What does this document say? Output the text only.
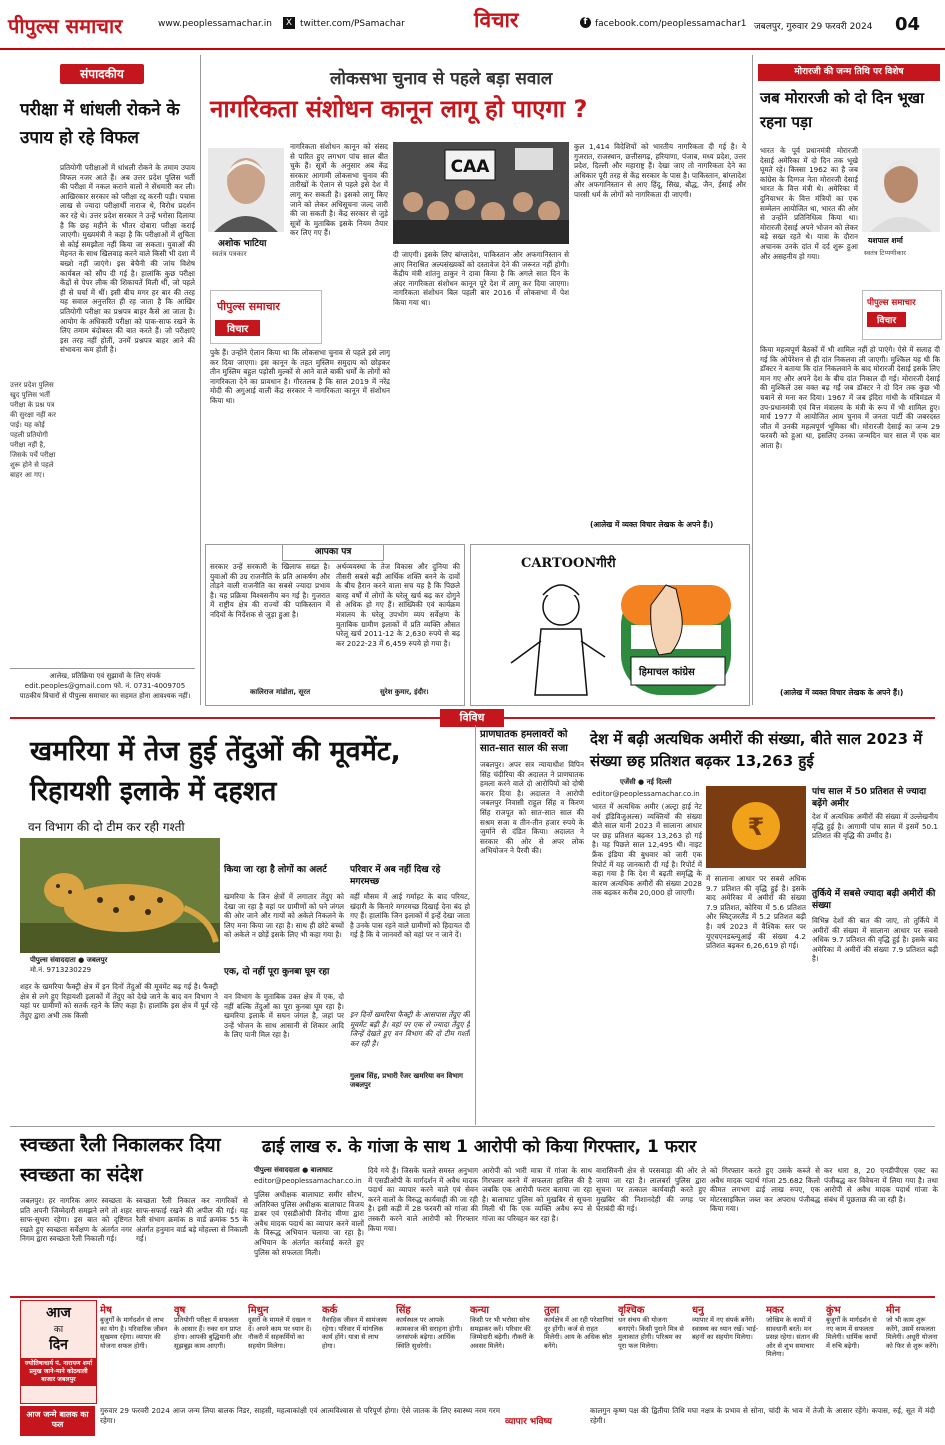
पीपुल्स समाचार	www.peoplessamachar.in	X twitter.com/PSamachar	विचार	f facebook.com/peoplessamachar1 जबलपुर, गुरुवार 29 फरवरी 2024 04
संपादकीय
परीक्षा में धांधली रोकने के उपाय हो रहे विफल
प्रतियोगी परीक्षाओं में धांधली रोकने के तमाम उपाय विफल नजर आते हैं। अब उत्तर प्रदेश पुलिस भर्ती की परीक्षा में नकल कराने वालों ने सेंधमारी कर ली। आखिरकार सरकार को परीक्षा रद्द करनी पड़ी। पचास लाख से ज्यादा परीक्षार्थी नाराज थे, विरोध प्रदर्शन कर रहे थे। उत्तर प्रदेश सरकार ने उन्हें भरोसा दिलाया है कि छह महीने के भीतर दोबारा परीक्षा कराई जाएगी। मुख्यमंत्री ने कहा है कि परीक्षाओं में शुचिता से कोई समझौता नहीं किया जा सकता। युवाओं की मेहनत के साथ खिलवाड़ करने वाले किसी भी दशा में बख्शे नहीं जाएंगे। इस बेचैनी की जांच विशेष कार्यबल को सौंप दी गई है। हालांकि कुछ परीक्षा केंद्रों से पेपर लीक की शिकायतें मिली थीं, जो पहले ही से चर्चा में थीं। इसी बीच मगर हर बार की तरह यह सवाल अनुत्तरित ही रह जाता है कि आखिर प्रतियोगी परीक्षा का प्रश्नपत्र बाहर कैसे आ जाता है। आयोग के अधिकारी परीक्षा को पाक-साफ रखने के लिए तमाम बंदोबस्त की बात करते हैं। जो परीक्षाएं इस तरह नहीं होतीं, उनमें प्रश्नपत्र बाहर आने की संभावना कम होती है।
उत्तर प्रदेश पुलिस खुद पुलिस भर्ती परीक्षा के प्रश्न पत्र की सुरक्षा नहीं कर पाई। यह कोई पहली प्रतियोगी परीक्षा नहीं है, जिसके पर्चे परीक्षा शुरू होने से पहले बाहर आ गए।
आलेख, प्रतिक्रिया एवं सुझावों के लिए संपर्क
edit.peoples@gmail.com फो. नं. 0731-4009705
पाठकीय विचारों से पीपुल्स समाचार का सहमत होना आवश्यक नहीं।
लोकसभा चुनाव से पहले बड़ा सवाल
नागरिकता संशोधन कानून लागू हो पाएगा ?
अशोक भाटिया
स्वतंत्र पत्रकार
नागरिकता संशोधन कानून को संसद से पारित हुए लगभग पांच साल बीत चुके हैं। सूत्रों के अनुसार अब केंद्र सरकार आगामी लोकसभा चुनाव की तारीखों के ऐलान से पहले इसे देश में लागू कर सकती है। इसको लागू किए जाने को लेकर अधिसूचना जल्द जारी की जा सकती है। केंद्र सरकार से जुड़े सूत्रों के मुताबिक इसके नियम तैयार कर लिए गए हैं।
पीपुल्स समाचार
विचार
पुके हैं। उन्होंने ऐलान किया था कि लोकसभा चुनाव से पहले इसे लागू कर दिया जाएगा। इस कानून के तहत मुस्लिम समुदाय को छोड़कर तीन मुस्लिम बहुल पड़ोसी मुल्कों से आने वाले बाकी धर्मों के लोगों को नागरिकता देने का प्रावधान है। गौरतलब है कि साल 2019 में नरेंद्र मोदी की अगुआई वाली केंद्र सरकार ने नागरिकता कानून में संशोधन किया था।
CAA
दी जाएगी। इसके लिए बांग्लादेश, पाकिस्तान और अफगानिस्तान से आए निराश्रित अल्पसंख्यकों को दस्तावेज देने की जरूरत नहीं होगी। केंद्रीय मंत्री शांतनु ठाकुर ने दावा किया है कि अगले सात दिन के अंदर नागरिकता संशोधन कानून पूरे देश में लागू कर दिया जाएगा। नागरिकता संशोधन बिल पहली बार 2016 में लोकसभा में पेश किया गया था।
कुल 1,414 विदेशियों को भारतीय नागरिकता दी गई है। ये गुजरात, राजस्थान, छत्तीसगढ़, हरियाणा, पंजाब, मध्य प्रदेश, उत्तर प्रदेश, दिल्ली और महाराष्ट्र हैं। देखा जाए तो नागरिकता देने का अधिकार पूरी तरह से केंद्र सरकार के पास है। पाकिस्तान, बांग्लादेश और अफगानिस्तान से आए हिंदू, सिख, बौद्ध, जैन, ईसाई और पारसी धर्म के लोगों को नागरिकता दी जाएगी।
(आलेख में व्यक्त विचार लेखक के अपने हैं।)
मोरारजी की जन्म तिथि पर विशेष
जब मोरारजी को दो दिन भूखा रहना पड़ा
यशपाल शर्मा
स्वतंत्र टिप्पणीकार
भारत के पूर्व प्रधानमंत्री मोरारजी देसाई अमेरिका में दो दिन तक भूखे घूमते रहे। किस्सा 1962 का है जब कांग्रेस के दिग्गज नेता मोरारजी देसाई भारत के वित्त मंत्री थे। अमेरिका में दुनियाभर के वित्त मंत्रियों का एक सम्मेलन आयोजित था, भारत की ओर से उन्होंने प्रतिनिधित्व किया था। मोरारजी देसाई अपने भोजन को लेकर बड़े सख्त रहते थे। यात्रा के दौरान अचानक उनके दांत में दर्द शुरू हुआ और असहनीय हो गया।
पीपुल्स समाचार
विचार
किया महत्वपूर्ण बैठकों में भी शामिल नहीं हो पाएंगे। ऐसे में सलाह दी गई कि ओपेरेशन से ही दांत निकलवा ली जाएगी। मुश्किल यह थी कि डॉक्टर ने बताया कि दांत निकलवाने के बाद मोरारजी देसाई इसके लिए मान गए और अपने देश के बीच दांत निकाल दी गई। मोरारजी देसाई की मुश्किलें उस वक्त बढ़ गईं जब डॉक्टर ने दो दिन तक कुछ भी चबाने से मना कर दिया। 1967 में जब इंदिरा गांधी के मंत्रिमंडल में उप-प्रधानमंत्री एवं वित्त मंत्रालय के मंत्री के रूप में भी शामिल हुए। मार्च 1977 में आयोजित आम चुनाव में जनता पार्टी की जबरदस्त जीत में उनकी महत्वपूर्ण भूमिका थी। मोरारजी देसाई का जन्म 29 फरवरी को हुआ था, इसलिए उनका जन्मदिन चार साल में एक बार आता है।
(आलेख में व्यक्त विचार लेखक के अपने हैं।)
आपका पत्र
सरकार उन्हें सरकारी के खिलाफ सख्त है। युवाओं की उग्र राजनीति के प्रति आकर्षण और तोड़ने वाली राजनीति का सबसे ज्यादा प्रभाव है। यह प्रक्रिया विश्वसनीय बन गई है। गुजरात में राष्ट्रीय क्षेत्र की राज्यों की पाकिस्तान में नदियों के निर्देशक से जुड़ा हुआ है।
कालिराज मांडोता, सूरत
अर्थव्यवस्था के तेज विकास और दुनिया की तीसरी सबसे बड़ी आर्थिक शक्ति बनने के दावों के बीच हैरान करने वाला सच यह है कि पिछले बारह वर्षों में लोगों के घरेलू खर्च बढ़ कर दोगुने से अधिक हो गए हैं। सांख्यिकी एवं कार्यक्रम मंत्रालय के घरेलू उपभोग व्यय सर्वेक्षण के मुताबिक ग्रामीण इलाकों में प्रति व्यक्ति औसत घरेलू खर्च 2011-12 के 2,630 रुपये से बढ़ कर 2022-23 में 6,459 रुपये हो गया है।
सुरेश कुमार, इंदौर।
CARTOONगीरी
हिमाचल कांग्रेस
विविध
खमरिया में तेज हुई तेंदुओं की मूवमेंट, रिहायशी इलाके में दहशत
वन विभाग की दो टीम कर रही गश्ती
पीपुल्स संवाददाता ● जबलपुर
मो.नं. 9713230229
शहर के खमरिया फैक्ट्री क्षेत्र में इन दिनों तेंदुओं की मूवमेंट बढ़ गई है। फैक्ट्री क्षेत्र से लगे हुए रिहायशी इलाकों में तेंदुए को देखे जाने के बाद वन विभाग ने यहां पर ग्रामीणों को सतर्क रहने के लिए कहा है। हालांकि इस क्षेत्र में पूर्व रहे तेंदुए द्वारा अभी तक किसी
किया जा रहा है लोगों का अलर्ट
खमरिया के जिन क्षेत्रों में लगातार तेंदुए को देखा जा रहा है वहां पर ग्रामीणों को घने जंगल की ओर जाने और गायों को अकेले निकलने के लिए मना किया जा रहा है। साथ ही छोटे बच्चों को अकेले न छोड़ें इसके लिए भी कहा गया है।
एक, दो नहीं पूरा कुनबा घूम रहा
वन विभाग के मुताबिक उक्त क्षेत्र में एक, दो नहीं बल्कि तेंदुओं का पूरा कुनबा घूम रहा है। खमरिया इलाके में सघन जंगल है, जहां पर उन्हें भोजन के साथ आसानी से शिकार आदि के लिए पानी मिल रहा है।
परिवार में अब नहीं दिख रहे मगरमच्छ
वहीं मौसम में आई गर्माहट के बाद परियट, खंदारी के किनारे मगरमच्छ दिखाई देना बंद हो गए हैं। हालांकि जिन इलाकों में इन्हें देखा जाता है उनके पास रहने वाले ग्रामीणों को हिदायत दी गई है कि वे जानवरों को वहां पर न जाने दें।
इन दिनों खमरिया फैक्ट्री के आसपास तेंदुए की मूवमेंट बढ़ी है। वहां पर एक से ज्यादा तेंदुए है जिन्हें देखते हुए वन विभाग की दो टीम गश्ती कर रही है।
गुलाब सिंह, प्रभारी रेंजर खमरिया वन विभाग जबलपुर
प्राणघातक हमलावरों को सात-सात साल की सजा
जबलपुर। अपर सत्र न्यायाधीश विपिन सिंह चंदीरिया की अदालत ने प्राणघातक हमला करने वाले दो आरोपियों को दोषी करार दिया है। अदालत ने आरोपी जबलपुर निवासी राहुल सिंह व किरण सिंह राजपूत को सात-सात साल की सश्रम सजा व तीन-तीन हजार रुपये के जुर्माने से दंडित किया। अदालत ने सरकार की ओर से अपर लोक अभियोजन ने पैरवी की।
देश में बढ़ी अत्यधिक अमीरों की संख्या, बीते साल 2023 में संख्या छह प्रतिशत बढ़कर 13,263 हुई
एजेंसी ● नई दिल्ली
editor@peoplessamachar.co.in
भारत में अत्यधिक अमीर (अल्ट्रा हाई नेट वर्थ इंडिविजुअल्स) व्यक्तियों की संख्या बीते साल यानी 2023 में सालाना आधार पर छह प्रतिशत बढ़कर 13,263 हो गई है। यह पिछले साल 12,495 थी। नाइट फ्रैंक इंडिया की बुधवार को जारी एक रिपोर्ट में यह जानकारी दी गई है। रिपोर्ट में कहा गया है कि देश में बढ़ती समृद्धि के कारण अत्यधिक अमीरों की संख्या 2028 तक बढ़कर करीब 20,000 हो जाएगी।
₹
में सालाना आधार पर सबसे अधिक 9.7 प्रतिशत की वृद्धि हुई है। इसके बाद अमेरिका में अमीरों की संख्या 7.9 प्रतिशत, कोरिया में 5.6 प्रतिशत और स्विट्जरलैंड में 5.2 प्रतिशत बढ़ी है। वर्ष 2023 में वैश्विक स्तर पर यूएचएनडब्ल्यूआई की संख्या 4.2 प्रतिशत बढ़कर 6,26,619 हो गई।
पांच साल में 50 प्रतिशत से ज्यादा बढ़ेंगे अमीर
देश में अत्यधिक अमीरों की संख्या में उल्लेखनीय वृद्धि हुई है। आगामी पांच साल में इसमें 50.1 प्रतिशत की वृद्धि की उम्मीद है।
तुर्किये में सबसे ज्यादा बढ़ी अमीरों की संख्या
विभिन्न देशों की बात की जाए, तो तुर्किये में अमीरों की संख्या में सालाना आधार पर सबसे अधिक 9.7 प्रतिशत की वृद्धि हुई है। इसके बाद अमेरिका में अमीरों की संख्या 7.9 प्रतिशत बढ़ी है।
स्वच्छता रैली निकालकर दिया स्वच्छता का संदेश
जबलपुर। हर नागरिक अगर स्वच्छता के प्रति अपनी जिम्मेदारी समझने लगे तो शहर साफ-सुथरा रहेगा। इस बात को दृष्टिगत रखते हुए स्वच्छता सर्वेक्षण के अंतर्गत नगर निगम द्वारा स्वच्छता रैली निकाली गई।
स्वच्छता रैली निकाल कर नागरिकों से साफ-सफाई रखने की अपील की गई। यह रैली संभाग क्रमांक 8 वार्ड क्रमांक 55 के अंतर्गत हनुमान वार्ड बड़े मोहल्ला से निकाली गई।
ढाई लाख रु. के गांजा के साथ 1 आरोपी को किया गिरफ्तार, 1 फरार
पीपुल्स संवाददाता ● बालाघाट
editor@peoplessamachar.co.in
पुलिस अधीक्षक बालाघाट समीर सौरभ, अतिरिक्त पुलिस अधीक्षक बालाघाट विजय डाबर एवं एसडीओपी विनोद मीणा द्वारा अवैध मादक पदार्थ का व्यापार करने वालों के विरूद्ध अभियान चलाया जा रहा है। अभियान के अंतर्गत कार्रवाई करते हुए पुलिस को सफलता मिली।
दिये गये हैं। जिसके चलते समस्त अनुभाग में एसडीओपी के मार्गदर्शन में अवैध मादक पदार्थ का व्यापार करने वाले एवं सेवन करने वालों के विरुद्ध कार्यवाही की जा रही है। इसी कड़ी में 28 फरवरी को गांजा की तस्करी करने वाले आरोपी को गिरफ्तार किया गया।
आरोपी को भारी मात्रा में गांजा के साथ गिरफ्तार करने में सफलता हासिल की है जबकि एक आरोपी फरार बताया जा रहा है। बालाघाट पुलिस को मुखबिर से सूचना मिली थी कि एक व्यक्ति अवैध रूप से गांजा का परिवहन कर रहा है।
वारासिवनी क्षेत्र से परसवाड़ा की ओर ले जाया जा रहा है। लालबर्रा पुलिस द्वारा सूचना पर तत्काल कार्यवाही करते हुए मुखबिर की निशानदेही की जगह पर घेराबंदी की गई।
को गिरफ्तार करते हुए उसके कब्जे से अवैध मादक पदार्थ गांजा 25.682 किलो कीमत लगभग ढाई लाख रुपए, एक मोटरसाइकिल जब्त कर अपराध पंजीबद्ध किया गया।
कर धारा 8, 20 एनडीपीएस एक्ट का पंजीबद्ध कर विवेचना में लिया गया है। तथा आरोपी से अवैध मादक पदार्थ गांजा के संबंध में पूछताछ की जा रही है।
आज
का
दिन
ज्योतिषाचार्य पं. नारायण शर्मा प्रमुख जाने-माने कोठवाली बाजार जबलपुर
मेष
बुजुर्गों के मार्गदर्शन से लाभ का योग है। परिवारिक जीवन सुखमय रहेगा। व्यापार की योजना सफल होगी।
वृष
प्रतियोगी परीक्षा में सफलता के आसार हैं। रुका धन प्राप्त होगा। आपकी बुद्धिमानी और सूझबूझ काम आएगी।
मिथुन
दूसरों के मामले में दखल न दें। अपने काम पर ध्यान दें। नौकरी में सहकर्मियों का सहयोग मिलेगा।
कर्क
वैवाहिक जीवन में सामंजस्य रहेगा। परिवार में मांगलिक कार्य होंगे। यात्रा से लाभ होगा।
सिंह
कार्यस्थल पर आपके कामकाज की सराहना होगी। जनसंपर्क बढ़ेगा। आर्थिक स्थिति सुधरेगी।
कन्या
किसी पर भी भरोसा सोच समझकर करें। परिवार की जिम्मेदारी बढ़ेगी। नौकरी के अवसर मिलेंगे।
तुला
कार्यक्षेत्र में आ रही परेशानियां दूर होंगी। कर्ज से राहत मिलेगी। आय के अधिक स्रोत बनेंगे।
वृश्चिक
धन संचय की योजना बनाएंगे। किसी पुराने मित्र से मुलाकात होगी। परिश्रम का पूरा फल मिलेगा।
धनु
व्यापार में नए संपर्क बनेंगे। स्वास्थ्य का ध्यान रखें। भाई-बहनों का सहयोग मिलेगा।
मकर
जोखिम के कामों में सावधानी बरतें। मन प्रसन्न रहेगा। संतान की ओर से शुभ समाचार मिलेगा।
कुंभ
बुजुर्गों के मार्गदर्शन से नए काम में सफलता मिलेगी। धार्मिक कार्यों में रुचि बढ़ेगी।
मीन
जो भी काम शुरू करेंगे, उसमें सफलता मिलेगी। अधूरी योजना को फिर से शुरू करेंगे।
आज जन्मे बालक का फल
गुरुवार 29 फरवरी 2024 आज जन्म लिया बालक निडर, साहसी, महत्वाकांक्षी एवं आत्मविश्वास से परिपूर्ण होगा। ऐसे जातक के लिए स्वास्थ्य नरम गरम रहेगा।	व्यापार भविष्य
कालगुन कृष्ण पक्ष की द्वितीया तिथि मघा नक्षत्र के प्रभाव से सोना, चांदी के भाव में तेजी के आसार रहेंगे। कपास, रुई, सूत में मंदी रहेगी।
